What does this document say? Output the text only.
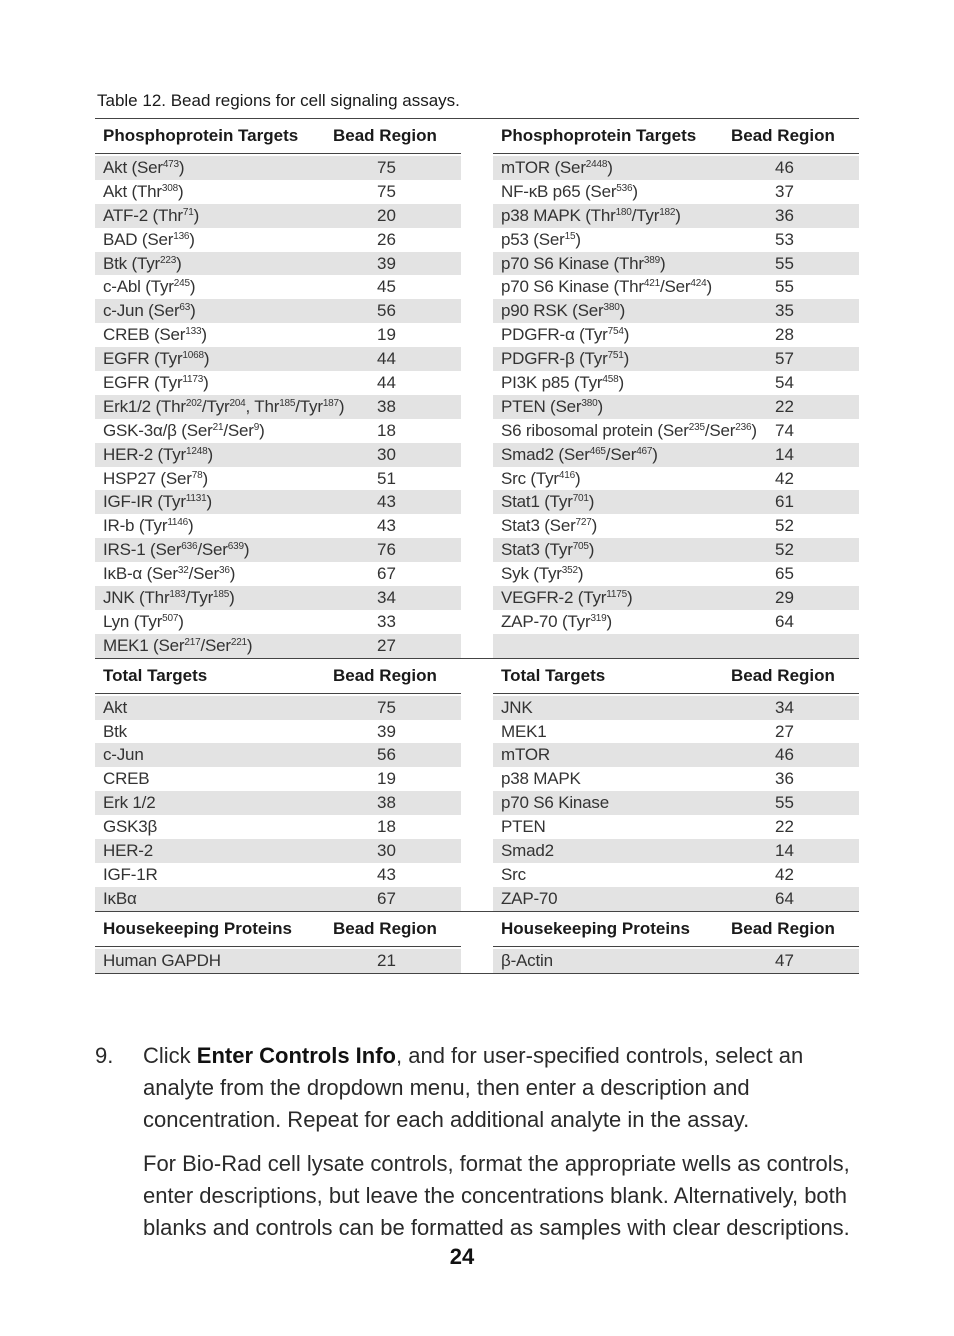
Table 12. Bead regions for cell signaling assays.
Phosphoprotein Targets	Bead Region
Akt (Ser$^{473}$)	75
Akt (Thr$^{308}$)	75
ATF-2 (Thr$^{71}$)	20
BAD (Ser$^{136}$)	26
Btk (Tyr$^{223}$)	39
c-Abl (Tyr$^{245}$)	45
c-Jun (Ser$^{63}$)	56
CREB (Ser$^{133}$)	19
EGFR (Tyr$^{1068}$)	44
EGFR (Tyr$^{1173}$)	44
Erk1/2 (Thr$^{202}$/Tyr$^{204}$, Thr$^{185}$/Tyr$^{187}$)	38
GSK-3α/β (Ser$^{21}$/Ser$^9$)	18
HER-2 (Tyr$^{1248}$)	30
HSP27 (Ser$^{78}$)	51
IGF-IR (Tyr$^{1131}$)	43
IR-b (Tyr$^{1146}$)	43
IRS-1 (Ser$^{636}$/Ser$^{639}$)	76
IκB-α (Ser$^{32}$/Ser$^{36}$)	67
JNK (Thr$^{183}$/Tyr$^{185}$)	34
Lyn (Tyr$^{507}$)	33
MEK1 (Ser$^{217}$/Ser$^{221}$)	27
Phosphoprotein Targets	Bead Region
mTOR (Ser$^{2448}$)	46
NF-κB p65 (Ser$^{536}$)	37
p38 MAPK (Thr$^{180}$/Tyr$^{182}$)	36
p53 (Ser$^{15}$)	53
p70 S6 Kinase (Thr$^{389}$)	55
p70 S6 Kinase (Thr$^{421}$/Ser$^{424}$)	55
p90 RSK (Ser$^{380}$)	35
PDGFR-α (Tyr$^{754}$)	28
PDGFR-β (Tyr$^{751}$)	57
PI3K p85 (Tyr$^{458}$)	54
PTEN (Ser$^{380}$)	22
S6 ribosomal protein (Ser$^{235}$/Ser$^{236}$)	74
Smad2 (Ser$^{465}$/Ser$^{467}$)	14
Src (Tyr$^{416}$)	42
Stat1 (Tyr$^{701}$)	61
Stat3 (Ser$^{727}$)	52
Stat3 (Tyr$^{705}$)	52
Syk (Tyr$^{352}$)	65
VEGFR-2 (Tyr$^{1175}$)	29
ZAP-70 (Tyr$^{319}$)	64
Total Targets	Bead Region
Akt	75
Btk	39
c-Jun	56
CREB	19
Erk 1/2	38
GSK3β	18
HER-2	30
IGF-1R	43
IκBα	67
Total Targets	Bead Region
JNK	34
MEK1	27
mTOR	46
p38 MAPK	36
p70 S6 Kinase	55
PTEN	22
Smad2	14
Src	42
ZAP-70	64
Housekeeping Proteins	Bead Region
Human GAPDH	21
Housekeeping Proteins	Bead Region
β-Actin	47
9. Click Enter Controls Info, and for user-specified controls, select an analyte from the dropdown menu, then enter a description and concentration. Repeat for each additional analyte in the assay.
For Bio-Rad cell lysate controls, format the appropriate wells as controls, enter descriptions, but leave the concentrations blank. Alternatively, both blanks and controls can be formatted as samples with clear descriptions.
24
